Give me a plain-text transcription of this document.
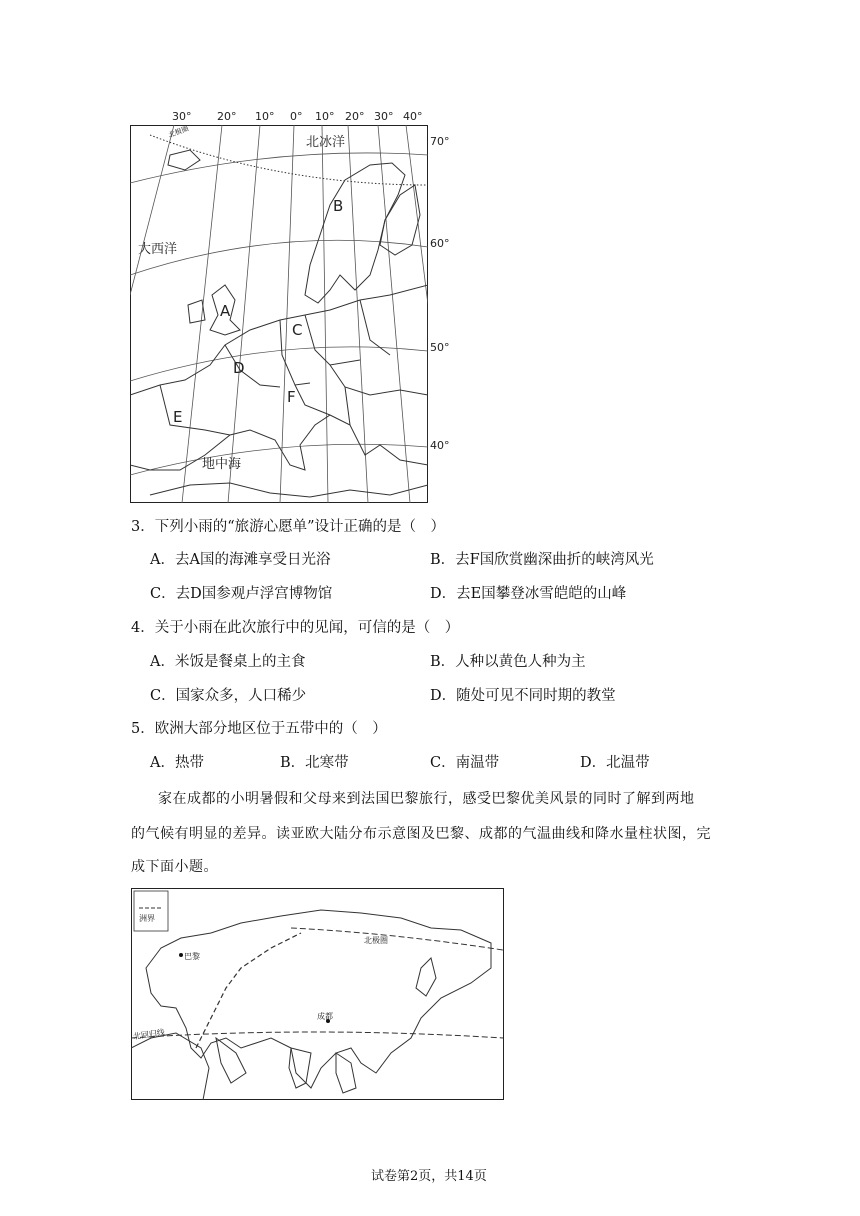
30° 20° 10° 0° 10° 20° 30° 40°
70°
60°
50°
40°
北冰洋
大西洋
地中海
北极圈
A
B
C
D
E
F
3．下列小雨的“旅游心愿单”设计正确的是（　）
A．去A国的海滩享受日光浴	B．去F国欣赏幽深曲折的峡湾风光
C．去D国参观卢浮宫博物馆	D．去E国攀登冰雪皑皑的山峰
4．关于小雨在此次旅行中的见闻，可信的是（　）
A．米饭是餐桌上的主食	B．人种以黄色人种为主
C．国家众多，人口稀少	D．随处可见不同时期的教堂
5．欧洲大部分地区位于五带中的（　）
A．热带	B．北寒带	C．南温带	D．北温带
家在成都的小明暑假和父母来到法国巴黎旅行，感受巴黎优美风景的同时了解到两地
的气候有明显的差异。读亚欧大陆分布示意图及巴黎、成都的气温曲线和降水量柱状图，完
成下面小题。
洲界
北极圈
北回归线
巴黎
成都
试卷第2页，共14页
